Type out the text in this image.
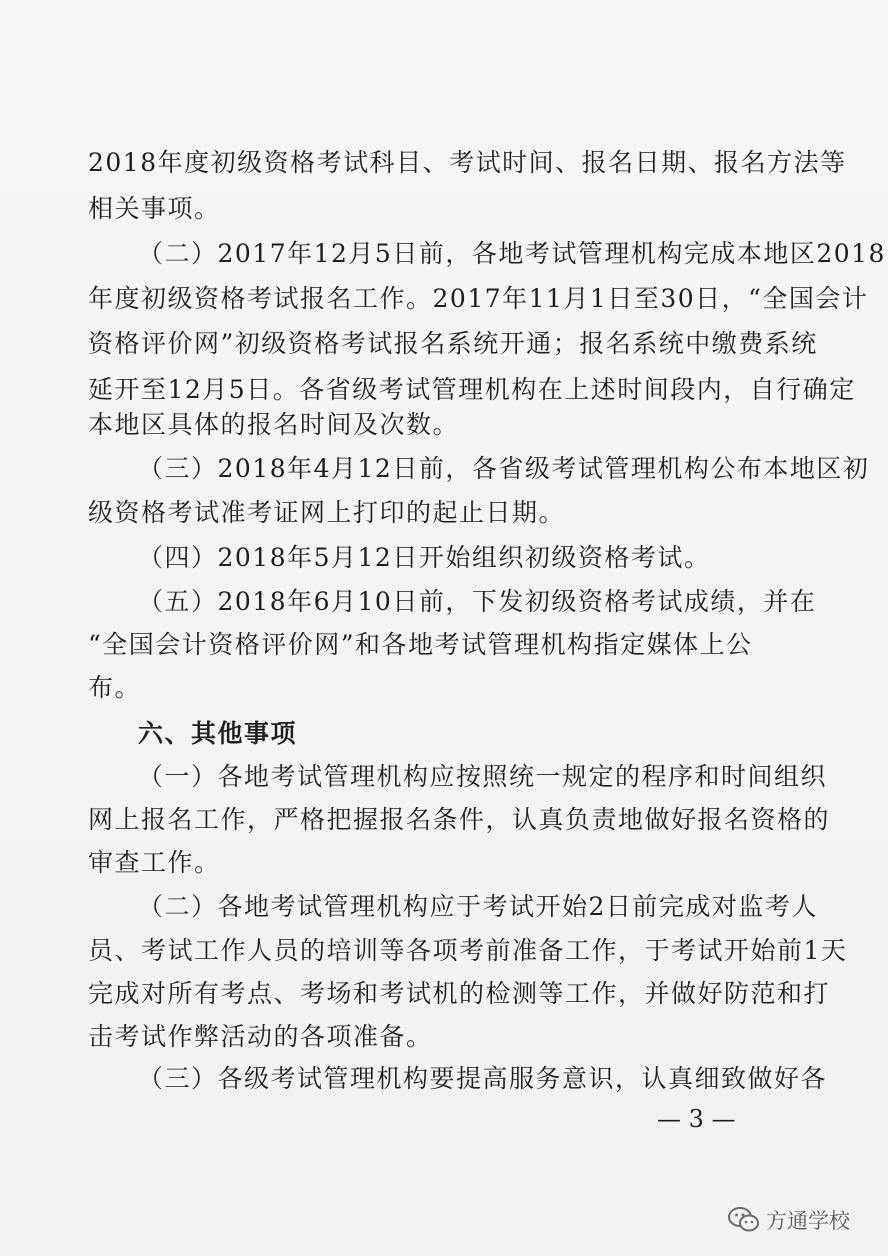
2018年度初级资格考试科目、考试时间、报名日期、报名方法等
相关事项。
（二）2017年12月5日前，各地考试管理机构完成本地区2018
年度初级资格考试报名工作。2017年11月1日至30日，“全国会计
资格评价网”初级资格考试报名系统开通；报名系统中缴费系统
延开至12月5日。各省级考试管理机构在上述时间段内，自行确定
本地区具体的报名时间及次数。
（三）2018年4月12日前，各省级考试管理机构公布本地区初
级资格考试准考证网上打印的起止日期。
（四）2018年5月12日开始组织初级资格考试。
（五）2018年6月10日前，下发初级资格考试成绩，并在
“全国会计资格评价网”和各地考试管理机构指定媒体上公
布。
六、其他事项
（一）各地考试管理机构应按照统一规定的程序和时间组织
网上报名工作，严格把握报名条件，认真负责地做好报名资格的
审查工作。
（二）各地考试管理机构应于考试开始2日前完成对监考人
员、考试工作人员的培训等各项考前准备工作，于考试开始前1天
完成对所有考点、考场和考试机的检测等工作，并做好防范和打
击考试作弊活动的各项准备。
（三）各级考试管理机构要提高服务意识，认真细致做好各
— 3 —
方通学校
